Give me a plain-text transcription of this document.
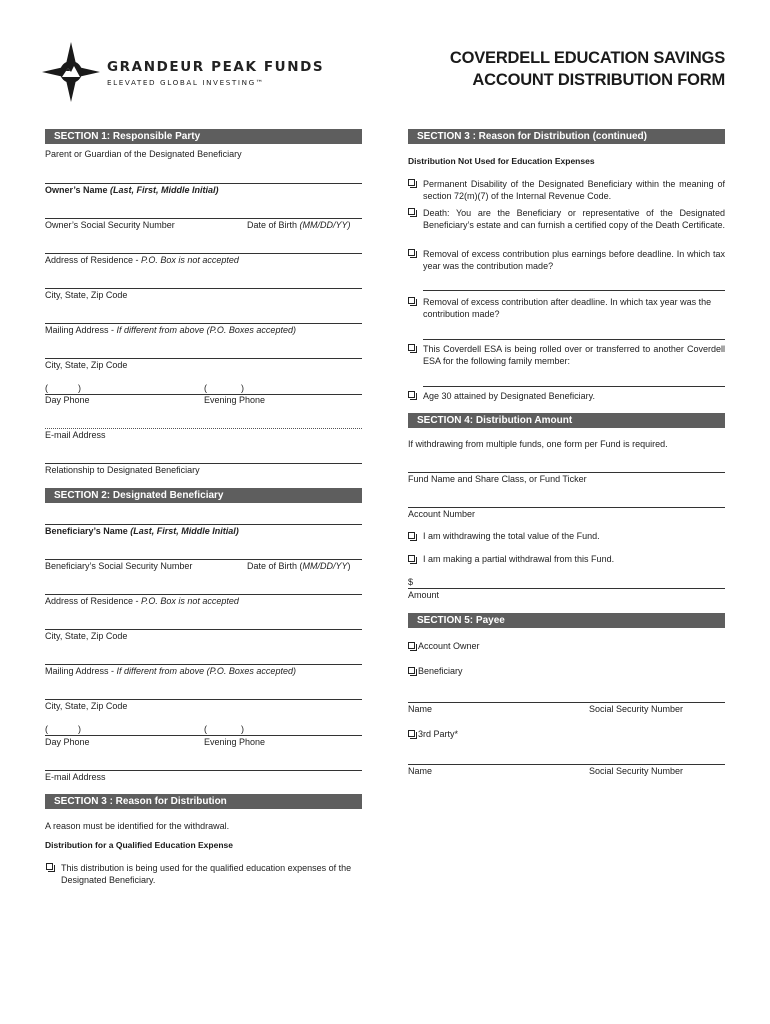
GRANDEUR PEAK FUNDS
ELEVATED GLOBAL INVESTING™
COVERDELL EDUCATION SAVINGS
ACCOUNT DISTRIBUTION FORM
SECTION 1: Responsible Party
Parent or Guardian of the Designated Beneficiary
Owner’s Name (Last, First, Middle Initial)
Owner’s Social Security Number	Date of Birth (MM/DD/YY)
Address of Residence - P.O. Box is not accepted
City, State, Zip Code
Mailing Address - If different from above (P.O. Boxes accepted)
City, State, Zip Code
(	)	(	)
Day Phone	Evening Phone
E-mail Address
Relationship to Designated Beneficiary
SECTION 2: Designated Beneficiary
Beneficiary’s Name (Last, First, Middle Initial)
Beneficiary’s Social Security Number	Date of Birth (MM/DD/YY)
Address of Residence - P.O. Box is not accepted
City, State, Zip Code
Mailing Address - If different from above (P.O. Boxes accepted)
City, State, Zip Code
(	)	(	)
Day Phone	Evening Phone
E-mail Address
SECTION 3 : Reason for Distribution
A reason must be identified for the withdrawal.
Distribution for a Qualified Education Expense
This distribution is being used for the qualified education expenses of the Designated Beneficiary.
SECTION 3 : Reason for Distribution (continued)
Distribution Not Used for Education Expenses
Permanent Disability of the Designated Beneficiary within the meaning of section 72(m)(7) of the Internal Revenue Code.
Death: You are the Beneficiary or representative of the Designated Beneficiary’s estate and can furnish a certified copy of the Death Certificate.
Removal of excess contribution plus earnings before deadline. In which tax year was the contribution made?
Removal of excess contribution after deadline. In which tax year was the contribution made?
This Coverdell ESA is being rolled over or transferred to another Coverdell ESA for the following family member:
Age 30 attained by Designated Beneficiary.
SECTION 4: Distribution Amount
If withdrawing from multiple funds, one form per Fund is required.
Fund Name and Share Class, or Fund Ticker
Account Number
I am withdrawing the total value of the Fund.
I am making a partial withdrawal from this Fund.
$
Amount
SECTION 5: Payee
Account Owner
Beneficiary
Name	Social Security Number
3rd Party*
Name	Social Security Number
